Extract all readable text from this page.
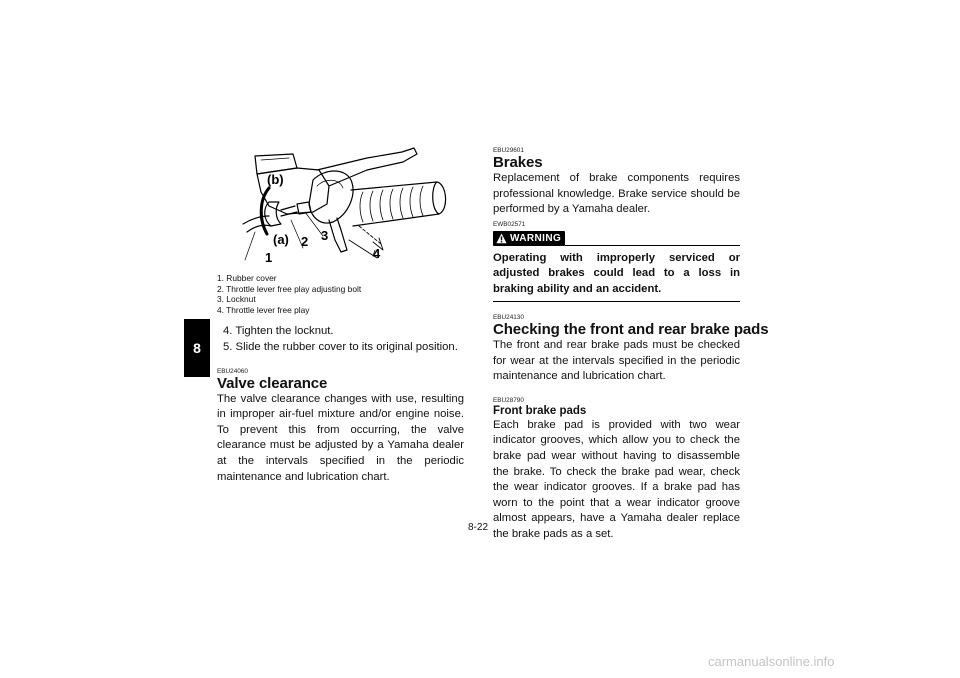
8
(b)
(a)
1
2 3
4
1. Rubber cover
2. Throttle lever free play adjusting bolt
3. Locknut
4. Throttle lever free play
4. Tighten the locknut.
5. Slide the rubber cover to its original position.
EBU24060
Valve clearance
The valve clearance changes with use, resulting in improper air-fuel mixture and/or engine noise. To prevent this from occurring, the valve clearance must be adjusted by a Yamaha dealer at the intervals specified in the periodic maintenance and lubrication chart.
EBU29601
Brakes
Replacement of brake components requires professional knowledge. Brake service should be performed by a Yamaha dealer.
EWB02571
WARNING
Operating with improperly serviced or adjusted brakes could lead to a loss in braking ability and an accident.
EBU24130
Checking the front and rear brake pads
The front and rear brake pads must be checked for wear at the intervals specified in the periodic maintenance and lubrication chart.
EBU28790
Front brake pads
Each brake pad is provided with two wear indicator grooves, which allow you to check the brake pad wear without having to disassemble the brake. To check the brake pad wear, check the wear indicator grooves. If a brake pad has worn to the point that a wear indicator groove almost appears, have a Yamaha dealer replace the brake pads as a set.
8-22
carmanualsonline.info
